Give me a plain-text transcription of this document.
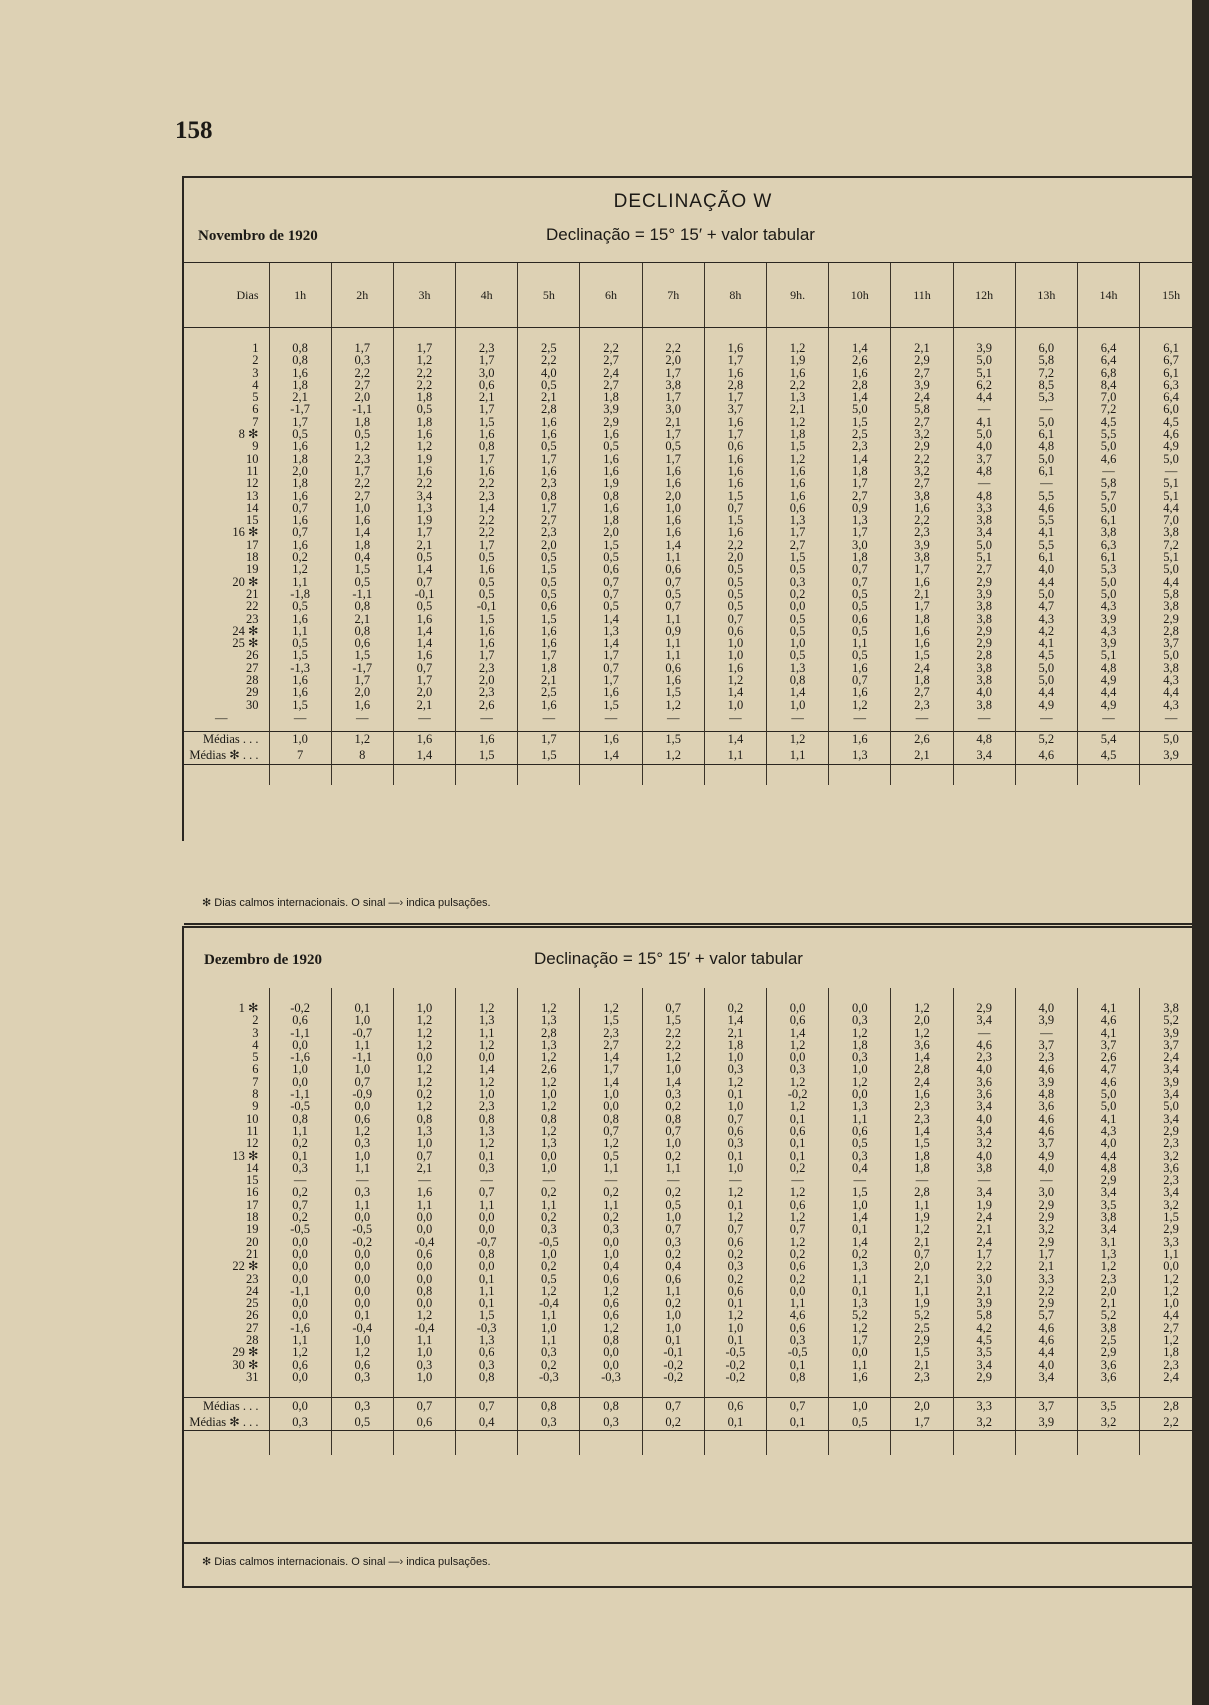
158
DECLINAÇÃO W
Novembro de 1920	Declinação = 15° 15′ + valor tabular
Dias	1h	2h	3h	4h	5h	6h	7h	8h	9h.	10h	11h	12h	13h	14h	15h

1	0,8	1,7	1,7	2,3	2,5	2,2	2,2	1,6	1,2	1,4	2,1	3,9	6,0	6,4	6,1
2	0,8	0,3	1,2	1,7	2,2	2,7	2,0	1,7	1,9	2,6	2,9	5,0	5,8	6,4	6,7
3	1,6	2,2	2,2	3,0	4,0	2,4	1,7	1,6	1,6	1,6	2,7	5,1	7,2	6,8	6,1
4	1,8	2,7	2,2	0,6	0,5	2,7	3,8	2,8	2,2	2,8	3,9	6,2	8,5	8,4	6,3
5	2,1	2,0	1,8	2,1	2,1	1,8	1,7	1,7	1,3	1,4	2,4	4,4	5,3	7,0	6,4
6	-1,7	-1,1	0,5	1,7	2,8	3,9	3,0	3,7	2,1	5,0	5,8	—	—	7,2	6,0
7	1,7	1,8	1,8	1,5	1,6	2,9	2,1	1,6	1,2	1,5	2,7	4,1	5,0	4,5	4,5
8 ✻	0,5	0,5	1,6	1,6	1,6	1,6	1,7	1,7	1,8	2,5	3,2	5,0	6,1	5,5	4,6
9	1,6	1,2	1,2	0,8	0,5	0,5	0,5	0,6	1,5	2,3	2,9	4,0	4,8	5,0	4,9
10	1,8	2,3	1,9	1,7	1,7	1,6	1,7	1,6	1,2	1,4	2,2	3,7	5,0	4,6	5,0
11	2,0	1,7	1,6	1,6	1,6	1,6	1,6	1,6	1,6	1,8	3,2	4,8	6,1	—	—
12	1,8	2,2	2,2	2,2	2,3	1,9	1,6	1,6	1,6	1,7	2,7	—	—	5,8	5,1
13	1,6	2,7	3,4	2,3	0,8	0,8	2,0	1,5	1,6	2,7	3,8	4,8	5,5	5,7	5,1
14	0,7	1,0	1,3	1,4	1,7	1,6	1,0	0,7	0,6	0,9	1,6	3,3	4,6	5,0	4,4
15	1,6	1,6	1,9	2,2	2,7	1,8	1,6	1,5	1,3	1,3	2,2	3,8	5,5	6,1	7,0
16 ✻	0,7	1,4	1,7	2,2	2,3	2,0	1,6	1,6	1,7	1,7	2,3	3,4	4,1	3,8	3,8
17	1,6	1,8	2,1	1,7	2,0	1,5	1,4	2,2	2,7	3,0	3,9	5,0	5,5	6,3	7,2
18	0,2	0,4	0,5	0,5	0,5	0,5	1,1	2,0	1,5	1,8	3,8	5,1	6,1	6,1	5,1
19	1,2	1,5	1,4	1,6	1,5	0,6	0,6	0,5	0,5	0,7	1,7	2,7	4,0	5,3	5,0
20 ✻	1,1	0,5	0,7	0,5	0,5	0,7	0,7	0,5	0,3	0,7	1,6	2,9	4,4	5,0	4,4
21	-1,8	-1,1	-0,1	0,5	0,5	0,7	0,5	0,5	0,2	0,5	2,1	3,9	5,0	5,0	5,8
22	0,5	0,8	0,5	-0,1	0,6	0,5	0,7	0,5	0,0	0,5	1,7	3,8	4,7	4,3	3,8
23	1,6	2,1	1,6	1,5	1,5	1,4	1,1	0,7	0,5	0,6	1,8	3,8	4,3	3,9	2,9
24 ✻	1,1	0,8	1,4	1,6	1,6	1,3	0,9	0,6	0,5	0,5	1,6	2,9	4,2	4,3	2,8
25 ✻	0,5	0,6	1,4	1,6	1,6	1,4	1,1	1,0	1,0	1,1	1,6	2,9	4,1	3,9	3,7
26	1,5	1,5	1,6	1,7	1,7	1,7	1,1	1,0	0,5	0,5	1,5	2,8	4,5	5,1	5,0
27	-1,3	-1,7	0,7	2,3	1,8	0,7	0,6	1,6	1,3	1,6	2,4	3,8	5,0	4,8	3,8
28	1,6	1,7	1,7	2,0	2,1	1,7	1,6	1,2	0,8	0,7	1,8	3,8	5,0	4,9	4,3
29	1,6	2,0	2,0	2,3	2,5	1,6	1,5	1,4	1,4	1,6	2,7	4,0	4,4	4,4	4,4
30	1,5	1,6	2,1	2,6	1,6	1,5	1,2	1,0	1,0	1,2	2,3	3,8	4,9	4,9	4,3
—	—	—	—	—	—	—	—	—	—	—	—	—	—	—	—
Médias . . .	1,0	1,2	1,6	1,6	1,7	1,6	1,5	1,4	1,2	1,6	2,6	4,8	5,2	5,4	5,0
Médias ✻ . . .	7	8	1,4	1,5	1,5	1,4	1,2	1,1	1,1	1,3	2,1	3,4	4,6	4,5	3,9

✻ Dias calmos internacionais. O sinal —› indica pulsações.
Dezembro de 1920	Declinação = 15° 15′ + valor tabular

1 ✻	-0,2	0,1	1,0	1,2	1,2	1,2	0,7	0,2	0,0	0,0	1,2	2,9	4,0	4,1	3,8
2	0,6	1,0	1,2	1,3	1,3	1,5	1,5	1,4	0,6	0,3	2,0	3,4	3,9	4,6	5,2
3	-1,1	-0,7	1,2	1,1	2,8	2,3	2,2	2,1	1,4	1,2	1,2	—	—	4,1	3,9
4	0,0	1,1	1,2	1,2	1,3	2,7	2,2	1,8	1,2	1,8	3,6	4,6	3,7	3,7	3,7
5	-1,6	-1,1	0,0	0,0	1,2	1,4	1,2	1,0	0,0	0,3	1,4	2,3	2,3	2,6	2,4
6	1,0	1,0	1,2	1,4	2,6	1,7	1,0	0,3	0,3	1,0	2,8	4,0	4,6	4,7	3,4
7	0,0	0,7	1,2	1,2	1,2	1,4	1,4	1,2	1,2	1,2	2,4	3,6	3,9	4,6	3,9
8	-1,1	-0,9	0,2	1,0	1,0	1,0	0,3	0,1	-0,2	0,0	1,6	3,6	4,8	5,0	3,4
9	-0,5	0,0	1,2	2,3	1,2	0,0	0,2	1,0	1,2	1,3	2,3	3,4	3,6	5,0	5,0
10	0,8	0,6	0,8	0,8	0,8	0,8	0,8	0,7	0,1	1,1	2,3	4,0	4,6	4,1	3,4
11	1,1	1,2	1,3	1,3	1,2	0,7	0,7	0,6	0,6	0,6	1,4	3,4	4,6	4,3	2,9
12	0,2	0,3	1,0	1,2	1,3	1,2	1,0	0,3	0,1	0,5	1,5	3,2	3,7	4,0	2,3
13 ✻	0,1	1,0	0,7	0,1	0,0	0,5	0,2	0,1	0,1	0,3	1,8	4,0	4,9	4,4	3,2
14	0,3	1,1	2,1	0,3	1,0	1,1	1,1	1,0	0,2	0,4	1,8	3,8	4,0	4,8	3,6
15	—	—	—	—	—	—	—	—	—	—	—	—	—	2,9	2,3
16	0,2	0,3	1,6	0,7	0,2	0,2	0,2	1,2	1,2	1,5	2,8	3,4	3,0	3,4	3,4
17	0,7	1,1	1,1	1,1	1,1	1,1	0,5	0,1	0,6	1,0	1,1	1,9	2,9	3,5	3,2
18	0,2	0,0	0,0	0,0	0,2	0,2	1,0	1,2	1,2	1,4	1,9	2,4	2,9	3,8	1,5
19	-0,5	-0,5	0,0	0,0	0,3	0,3	0,7	0,7	0,7	0,1	1,2	2,1	3,2	3,4	2,9
20	0,0	-0,2	-0,4	-0,7	-0,5	0,0	0,3	0,6	1,2	1,4	2,1	2,4	2,9	3,1	3,3
21	0,0	0,0	0,6	0,8	1,0	1,0	0,2	0,2	0,2	0,2	0,7	1,7	1,7	1,3	1,1
22 ✻	0,0	0,0	0,0	0,0	0,2	0,4	0,4	0,3	0,6	1,3	2,0	2,2	2,1	1,2	0,0
23	0,0	0,0	0,0	0,1	0,5	0,6	0,6	0,2	0,2	1,1	2,1	3,0	3,3	2,3	1,2
24	-1,1	0,0	0,8	1,1	1,2	1,2	1,1	0,6	0,0	0,1	1,1	2,1	2,2	2,0	1,2
25	0,0	0,0	0,0	0,1	-0,4	0,6	0,2	0,1	1,1	1,3	1,9	3,9	2,9	2,1	1,0
26	0,0	0,1	1,2	1,5	1,1	0,6	1,0	1,2	4,6	5,2	5,2	5,8	5,7	5,2	4,4
27	-1,6	-0,4	-0,4	-0,3	1,0	1,2	1,0	1,0	0,6	1,2	2,5	4,2	4,6	3,8	2,7
28	1,1	1,0	1,1	1,3	1,1	0,8	0,1	0,1	0,3	1,7	2,9	4,5	4,6	2,5	1,2
29 ✻	1,2	1,2	1,0	0,6	0,3	0,0	-0,1	-0,5	-0,5	0,0	1,5	3,5	4,4	2,9	1,8
30 ✻	0,6	0,6	0,3	0,3	0,2	0,0	-0,2	-0,2	0,1	1,1	2,1	3,4	4,0	3,6	2,3
31	0,0	0,3	1,0	0,8	-0,3	-0,3	-0,2	-0,2	0,8	1,6	2,3	2,9	3,4	3,6	2,4

Médias . . .	0,0	0,3	0,7	0,7	0,8	0,8	0,7	0,6	0,7	1,0	2,0	3,3	3,7	3,5	2,8
Médias ✻ . . .	0,3	0,5	0,6	0,4	0,3	0,3	0,2	0,1	0,1	0,5	1,7	3,2	3,9	3,2	2,2

✻ Dias calmos internacionais. O sinal —› indica pulsações.
